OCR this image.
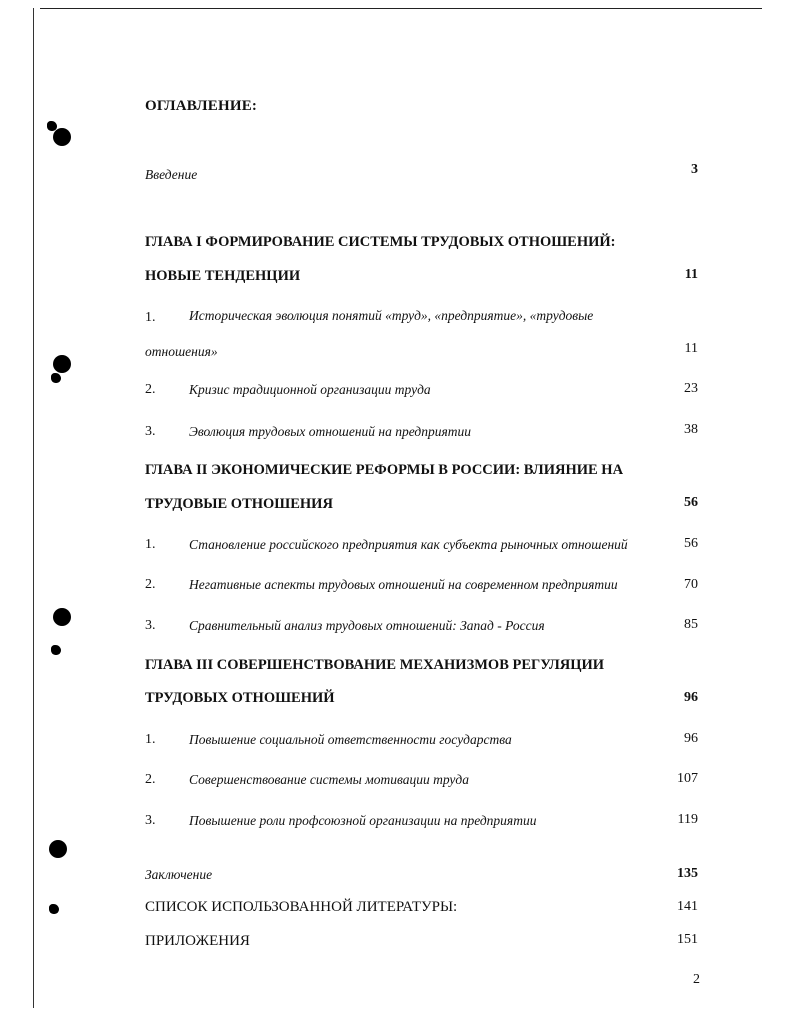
ОГЛАВЛЕНИЕ:
Введение	3
ГЛАВА I ФОРМИРОВАНИЕ СИСТЕМЫ ТРУДОВЫХ ОТНОШЕНИЙ:
НОВЫЕ ТЕНДЕНЦИИ	11
1. Историческая эволюция понятий «труд», «предприятие», «трудовые
отношения»	11
2. Кризис традиционной организации труда	23
3. Эволюция трудовых отношений на предприятии	38
ГЛАВА II ЭКОНОМИЧЕСКИЕ РЕФОРМЫ В РОССИИ: ВЛИЯНИЕ НА
ТРУДОВЫЕ ОТНОШЕНИЯ	56
1. Становление российского предприятия как субъекта рыночных отношений	56
2. Негативные аспекты трудовых отношений на современном предприятии	70
3. Сравнительный анализ трудовых отношений: Запад - Россия	85
ГЛАВА III СОВЕРШЕНСТВОВАНИЕ МЕХАНИЗМОВ РЕГУЛЯЦИИ
ТРУДОВЫХ ОТНОШЕНИЙ	96
1. Повышение социальной ответственности государства	96
2. Совершенствование системы мотивации труда	107
3. Повышение роли профсоюзной организации на предприятии	119
Заключение	135
СПИСОК ИСПОЛЬЗОВАННОЙ ЛИТЕРАТУРЫ:	141
ПРИЛОЖЕНИЯ	151
2
